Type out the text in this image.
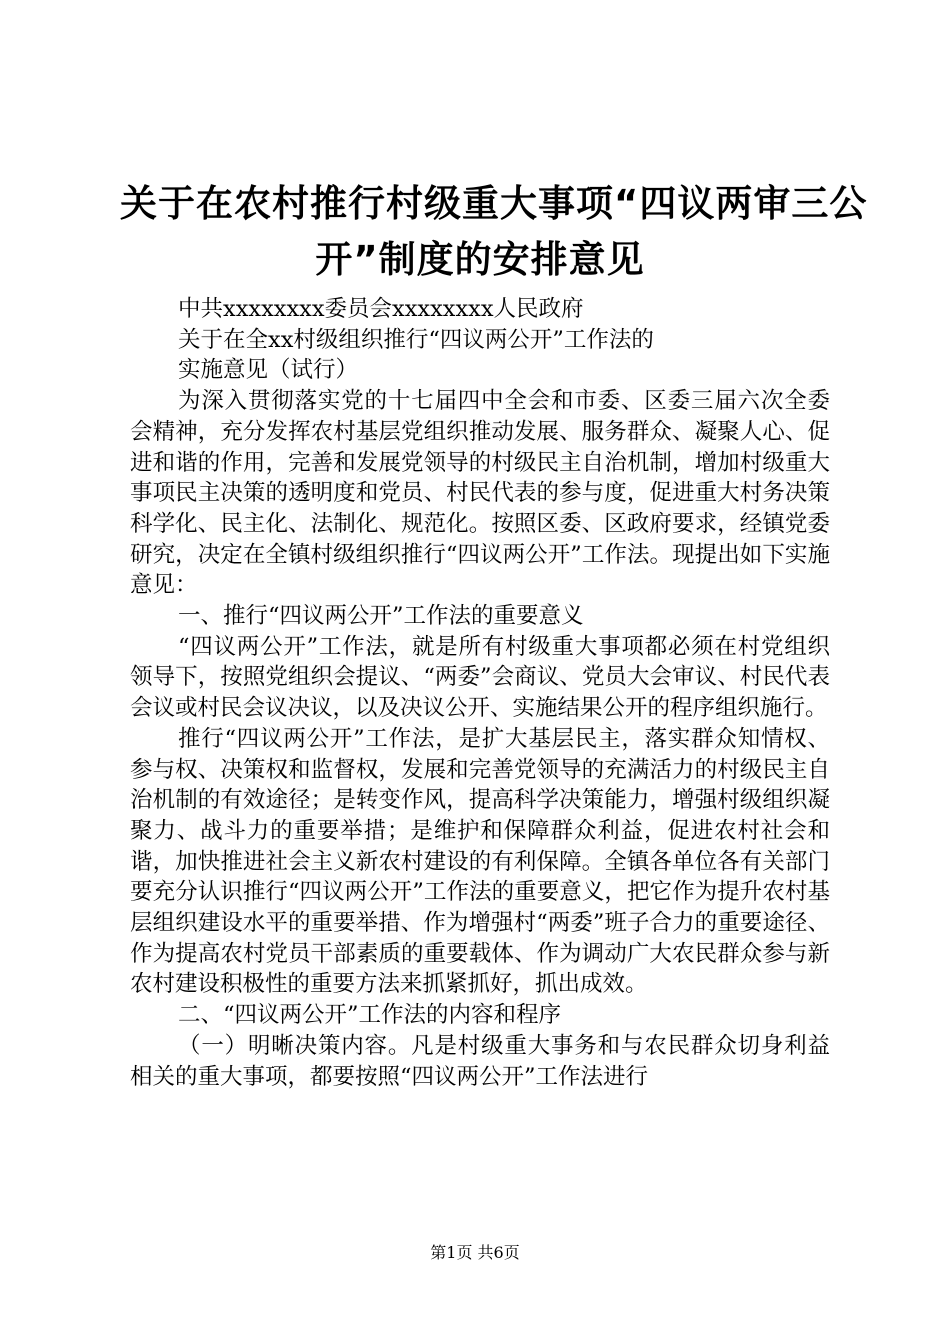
关于在农村推行村级重大事项“四议两审三公
开”制度的安排意见

中共xxxxxxxx委员会xxxxxxxx人民政府

关于在全xx村级组织推行“四议两公开”工作法的

实施意见（试行）

为深入贯彻落实党的十七届四中全会和市委、区委三届六次全委会精神，充分发挥农村基层党组织推动发展、服务群众、凝聚人心、促进和谐的作用，完善和发展党领导的村级民主自治机制，增加村级重大事项民主决策的透明度和党员、村民代表的参与度，促进重大村务决策科学化、民主化、法制化、规范化。按照区委、区政府要求，经镇党委研究，决定在全镇村级组织推行“四议两公开”工作法。现提出如下实施意见：

一、推行“四议两公开”工作法的重要意义

“四议两公开”工作法，就是所有村级重大事项都必须在村党组织领导下，按照党组织会提议、“两委”会商议、党员大会审议、村民代表会议或村民会议决议，以及决议公开、实施结果公开的程序组织施行。

推行“四议两公开”工作法，是扩大基层民主，落实群众知情权、参与权、决策权和监督权，发展和完善党领导的充满活力的村级民主自治机制的有效途径；是转变作风，提高科学决策能力，增强村级组织凝聚力、战斗力的重要举措；是维护和保障群众利益，促进农村社会和谐，加快推进社会主义新农村建设的有利保障。全镇各单位各有关部门要充分认识推行“四议两公开”工作法的重要意义，把它作为提升农村基层组织建设水平的重要举措、作为增强村“两委”班子合力的重要途径、作为提高农村党员干部素质的重要载体、作为调动广大农民群众参与新农村建设积极性的重要方法来抓紧抓好，抓出成效。

二、“四议两公开”工作法的内容和程序

（一）明晰决策内容。凡是村级重大事务和与农民群众切身利益相关的重大事项，都要按照“四议两公开”工作法进行

第1页 共6页
